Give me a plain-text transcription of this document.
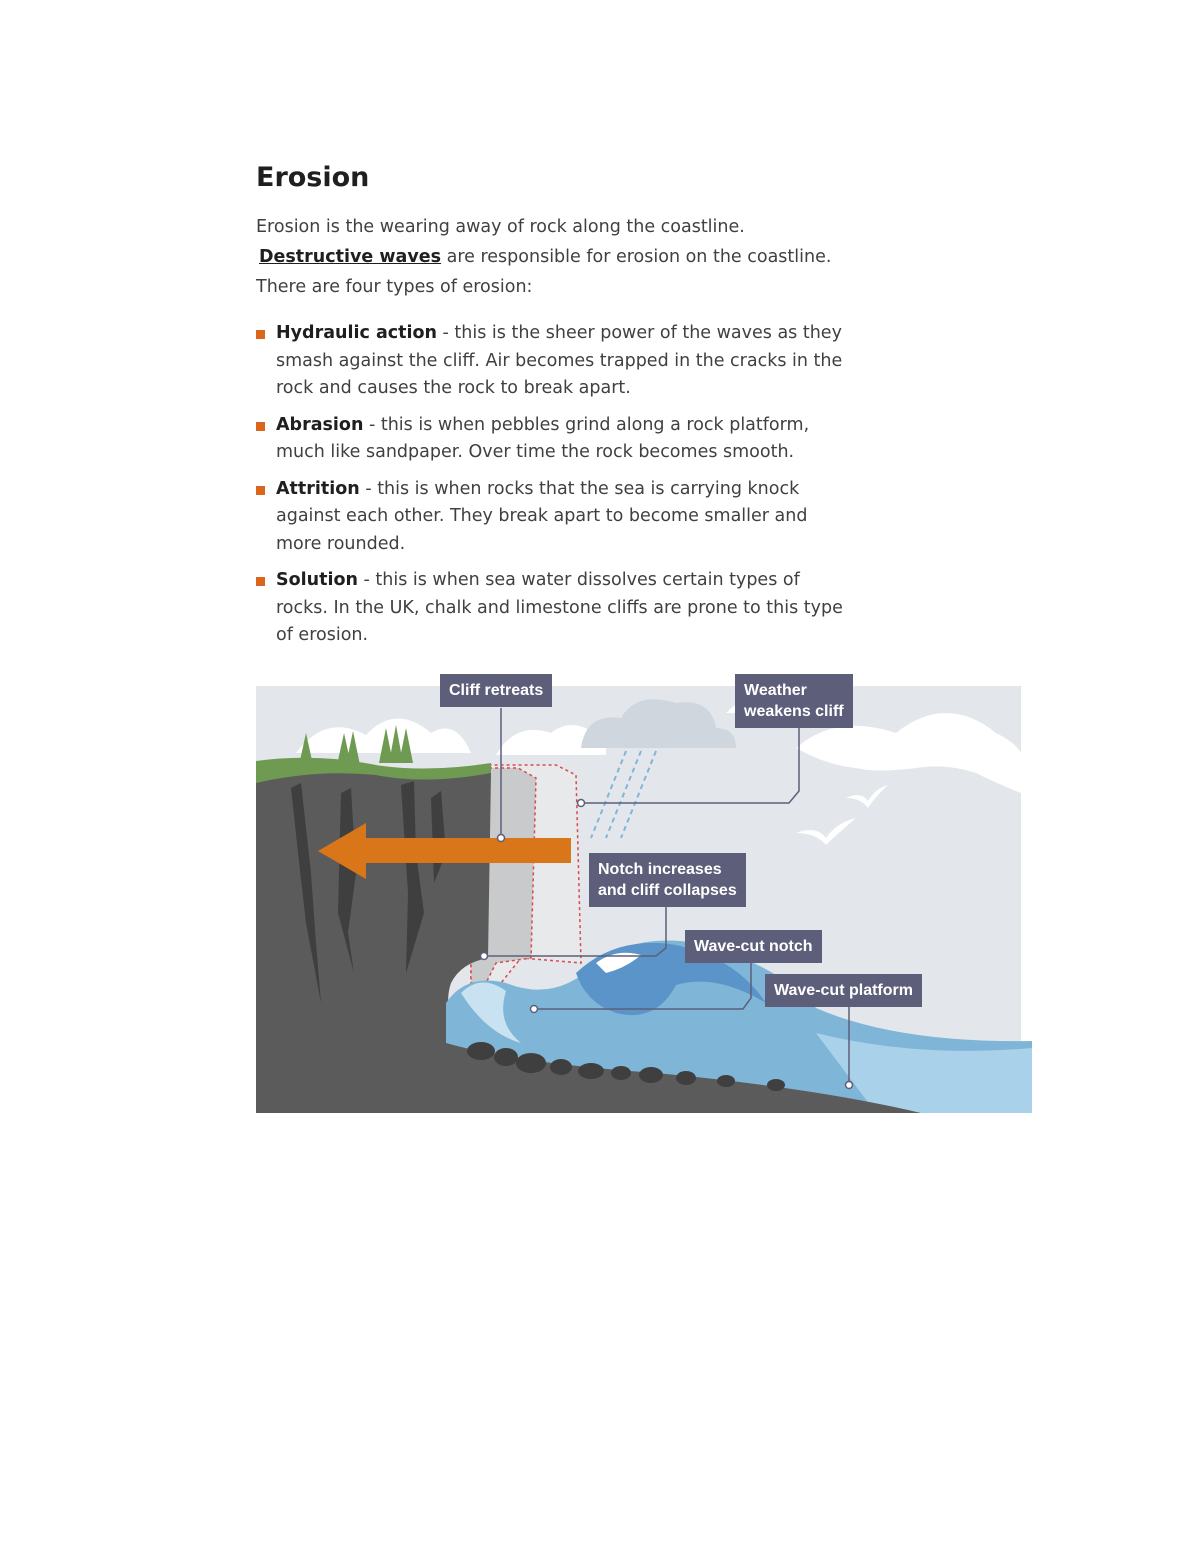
Erosion

Erosion is the wearing away of rock along the coastline.

Destructive waves are responsible for erosion on the coastline.

There are four types of erosion:

Hydraulic action - this is the sheer power of the waves as they smash against the cliff. Air becomes trapped in the cracks in the rock and causes the rock to break apart.
Abrasion - this is when pebbles grind along a rock platform, much like sandpaper. Over time the rock becomes smooth.
Attrition - this is when rocks that the sea is carrying knock against each other. They break apart to become smaller and more rounded.
Solution - this is when sea water dissolves certain types of rocks. In the UK, chalk and limestone cliffs are prone to this type of erosion.
Cliff retreats	Weather
weakens cliff
Notch increases
and cliff collapses
Wave-cut notch
Wave-cut platform
